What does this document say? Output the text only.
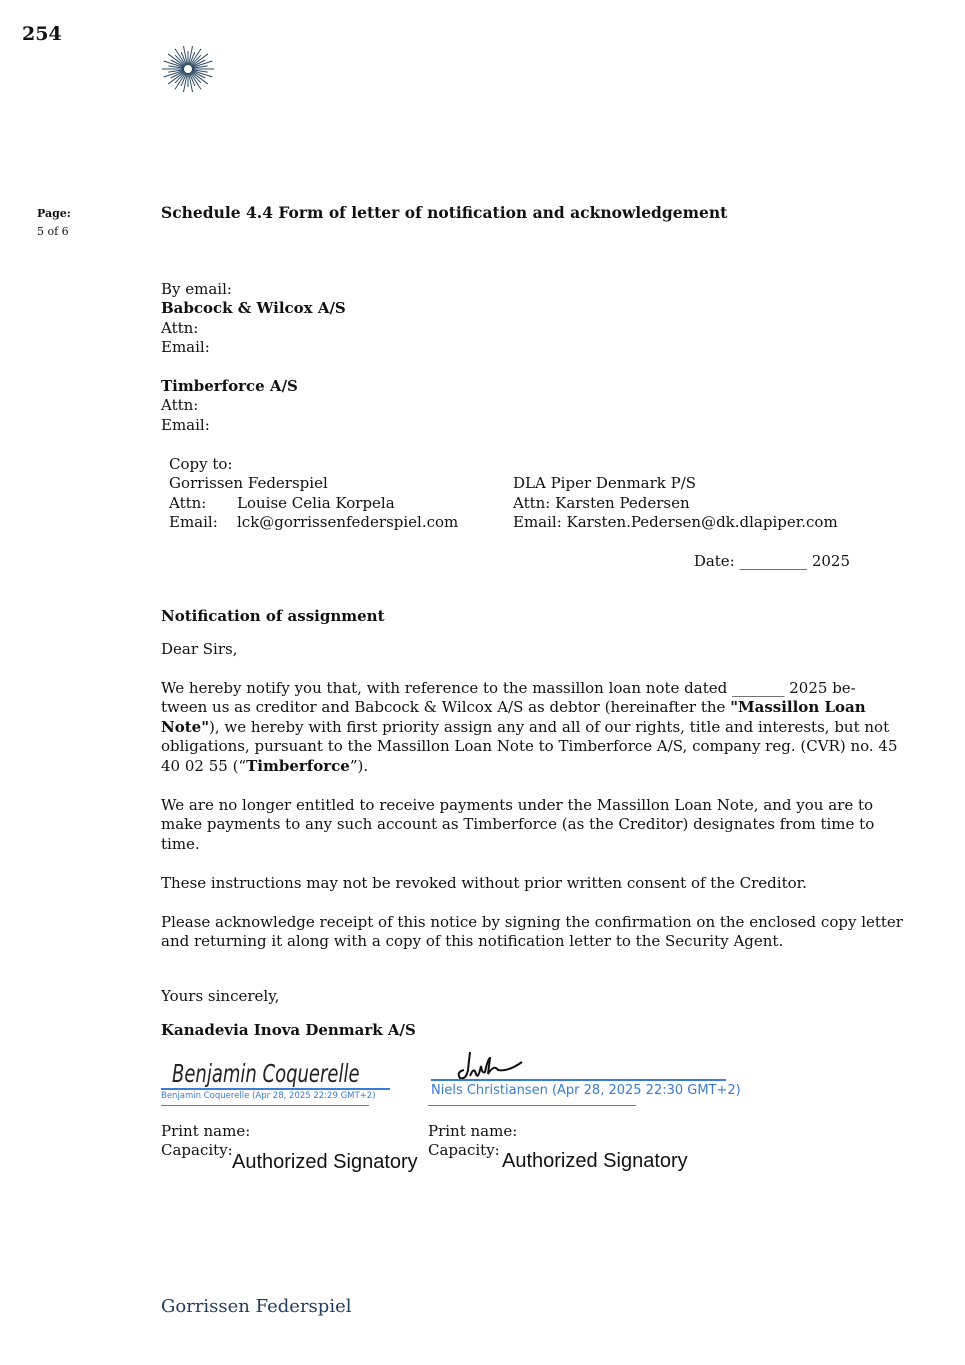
254
Page:
5 of 6
Schedule 4.4 Form of letter of notification and acknowledgement
By email:
Babcock & Wilcox A/S
Attn:
Email:
Timberforce A/S
Attn:
Email:
Copy to:
Gorrissen Federspiel
Attn: Louise Celia Korpela
Email: lck@gorrissenfederspiel.com
DLA Piper Denmark P/S
Attn: Karsten Pedersen
Email: Karsten.Pedersen@dk.dlapiper.com
Date: _________ 2025
Notification of assignment
Dear Sirs,
We hereby notify you that, with reference to the massillon loan note dated _______ 2025 be-
tween us as creditor and Babcock & Wilcox A/S as debtor (hereinafter the "Massillon Loan
Note"), we hereby with first priority assign any and all of our rights, title and interests, but not
obligations, pursuant to the Massillon Loan Note to Timberforce A/S, company reg. (CVR) no. 45
40 02 55 (“Timberforce”).
We are no longer entitled to receive payments under the Massillon Loan Note, and you are to
make payments to any such account as Timberforce (as the Creditor) designates from time to
time.
These instructions may not be revoked without prior written consent of the Creditor.
Please acknowledge receipt of this notice by signing the confirmation on the enclosed copy letter
and returning it along with a copy of this notification letter to the Security Agent.
Yours sincerely,
Kanadevia Inova Denmark A/S
Benjamin Coquerelle
Benjamin Coquerelle (Apr 28, 2025 22:29 GMT+2)
Print name:
Capacity:
Authorized Signatory
Niels Christiansen (Apr 28, 2025 22:30 GMT+2)
Print name:
Capacity: Authorized Signatory
Gorrissen Federspiel
